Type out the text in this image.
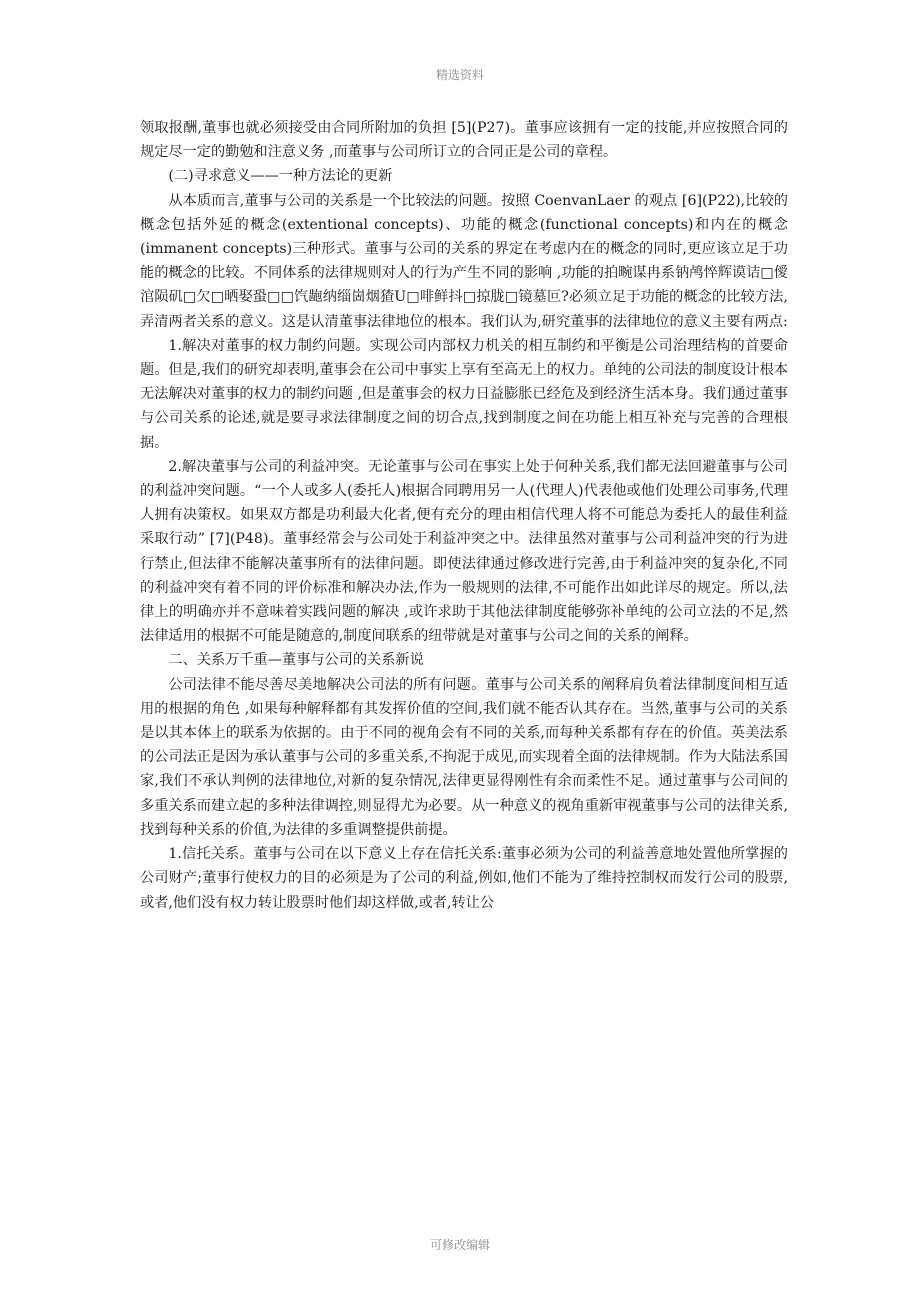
精选资料

领取报酬,董事也就必须接受由合同所附加的负担 [5](P27)。董事应该拥有一定的技能,并应按照合同的规定尽一定的勤勉和注意义务 ,而董事与公司所订立的合同正是公司的章程。

(二)寻求意义——一种方法论的更新

从本质而言,董事与公司的关系是一个比较法的问题。按照 CoenvanLaer 的观点 [6](P22),比较的概念包括外延的概念(extentional concepts)、功能的概念(functional concepts)和内在的概念(immanent concepts)三种形式。董事与公司的关系的界定在考虑内在的概念的同时,更应该立足于功能的概念的比较。不同体系的法律规则对人的行为产生不同的影响 ,功能的拍畹谋冉系钠鸬悴辉谟诘□僾涫陨矶□欠□晒娶蛩□□饩龅纳缁崮烟猹U□啡鲜抖□掠胧□镜墓叵?必须立足于功能的概念的比较方法,弄清两者关系的意义。这是认清董事法律地位的根本。我们认为,研究董事的法律地位的意义主要有两点:

1.解决对董事的权力制约问题。实现公司内部权力机关的相互制约和平衡是公司治理结构的首要命题。但是,我们的研究却表明,董事会在公司中事实上享有至高无上的权力。单纯的公司法的制度设计根本无法解决对董事的权力的制约问题 ,但是董事会的权力日益膨胀已经危及到经济生活本身。我们通过董事与公司关系的论述,就是要寻求法律制度之间的切合点,找到制度之间在功能上相互补充与完善的合理根据。

2.解决董事与公司的利益冲突。无论董事与公司在事实上处于何种关系,我们都无法回避董事与公司的利益冲突问题。“一个人或多人(委托人)根据合同聘用另一人(代理人)代表他或他们处理公司事务,代理人拥有决策权。如果双方都是功利最大化者,便有充分的理由相信代理人将不可能总为委托人的最佳利益采取行动” [7](P48)。董事经常会与公司处于利益冲突之中。法律虽然对董事与公司利益冲突的行为进行禁止,但法律不能解决董事所有的法律问题。即使法律通过修改进行完善,由于利益冲突的复杂化,不同的利益冲突有着不同的评价标准和解决办法,作为一般规则的法律,不可能作出如此详尽的规定。所以,法律上的明确亦并不意味着实践问题的解决 ,或许求助于其他法律制度能够弥补单纯的公司立法的不足,然法律适用的根据不可能是随意的,制度间联系的纽带就是对董事与公司之间的关系的阐释。

二、关系万千重—董事与公司的关系新说

公司法律不能尽善尽美地解决公司法的所有问题。董事与公司关系的阐释肩负着法律制度间相互适用的根据的角色 ,如果每种解释都有其发挥价值的空间,我们就不能否认其存在。当然,董事与公司的关系是以其本体上的联系为依据的。由于不同的视角会有不同的关系,而每种关系都有存在的价值。英美法系的公司法正是因为承认董事与公司的多重关系,不拘泥于成见,而实现着全面的法律规制。作为大陆法系国家,我们不承认判例的法律地位,对新的复杂情况,法律更显得刚性有余而柔性不足。通过董事与公司间的多重关系而建立起的多种法律调控,则显得尤为必要。从一种意义的视角重新审视董事与公司的法律关系,找到每种关系的价值,为法律的多重调整提供前提。

1.信托关系。董事与公司在以下意义上存在信托关系:董事必须为公司的利益善意地处置他所掌握的公司财产;董事行使权力的目的必须是为了公司的利益,例如,他们不能为了维持控制权而发行公司的股票,或者,他们没有权力转让股票时他们却这样做,或者,转让公

可修改编辑
